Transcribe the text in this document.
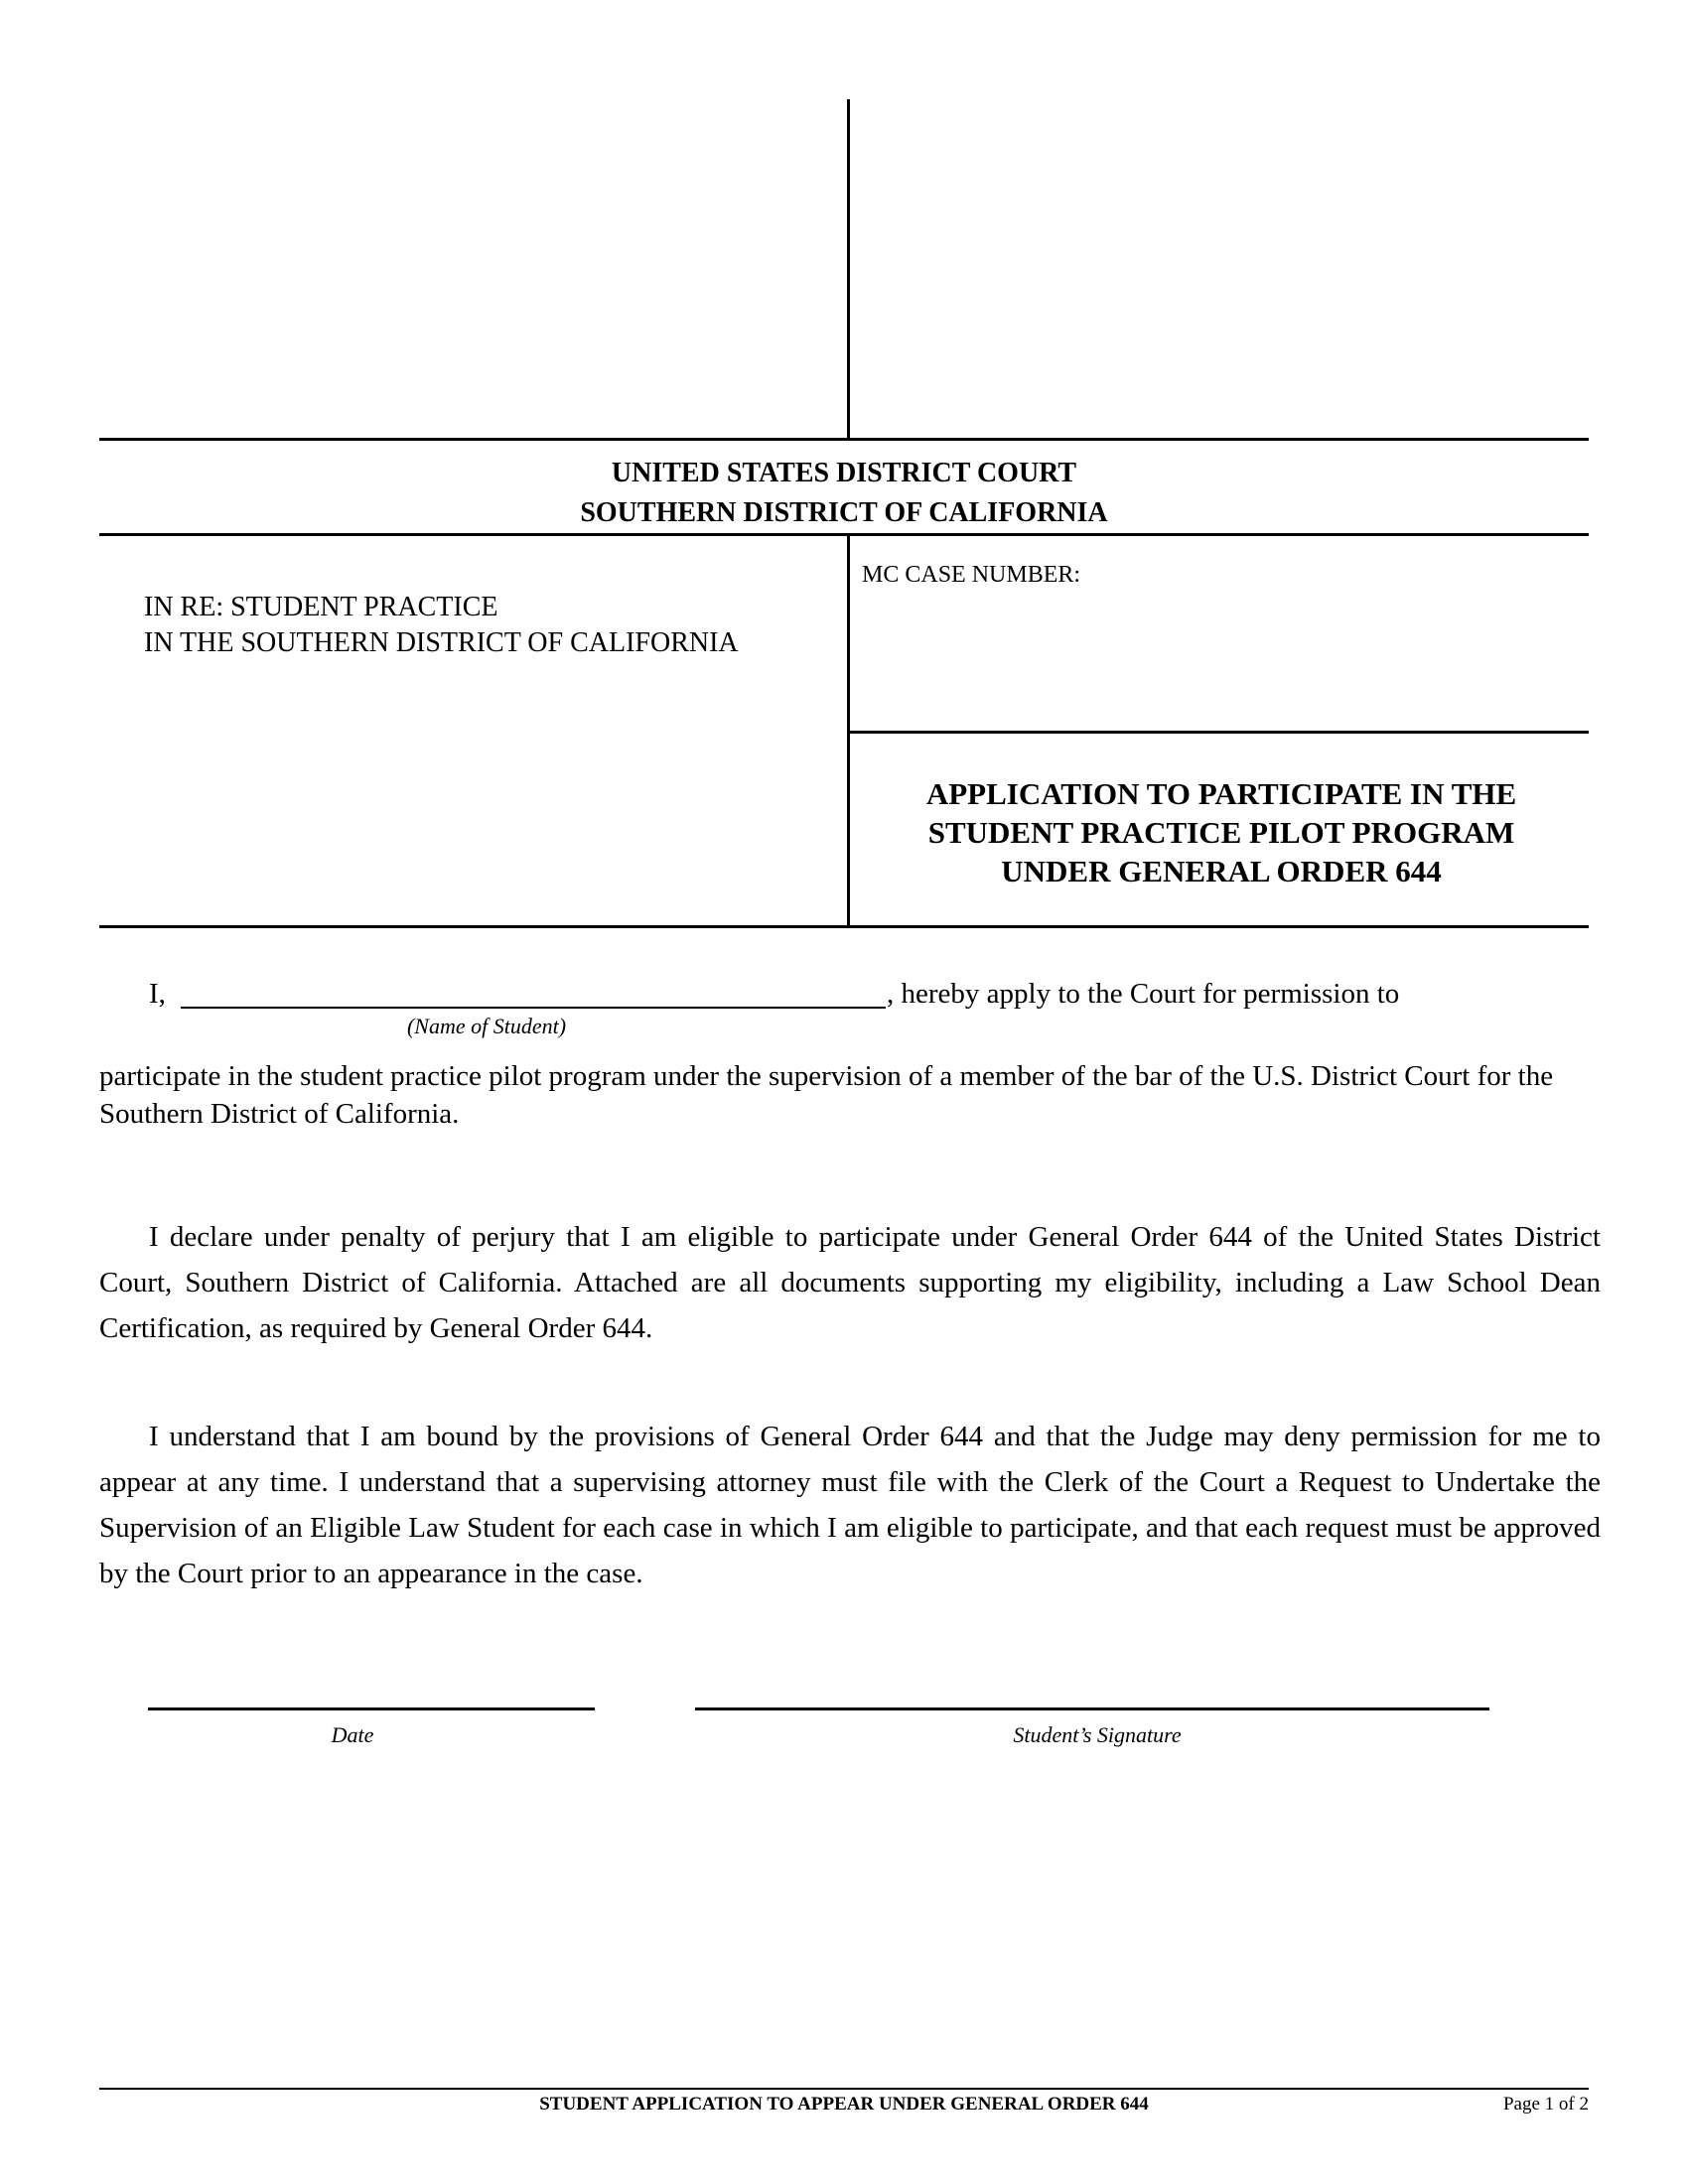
UNITED STATES DISTRICT COURT
SOUTHERN DISTRICT OF CALIFORNIA
IN RE: STUDENT PRACTICE
IN THE SOUTHERN DISTRICT OF CALIFORNIA
MC CASE NUMBER:
APPLICATION TO PARTICIPATE IN THE
STUDENT PRACTICE PILOT PROGRAM
UNDER GENERAL ORDER 644
I,	, hereby apply to the Court for permission to
(Name of Student)

participate in the student practice pilot program under the supervision of a member of the bar of the U.S. District Court for the Southern District of California.

I declare under penalty of perjury that I am eligible to participate under General Order 644 of the United States District Court, Southern District of California. Attached are all documents supporting my eligibility, including a Law School Dean Certification, as required by General Order 644.

I understand that I am bound by the provisions of General Order 644 and that the Judge may deny permission for me to appear at any time. I understand that a supervising attorney must file with the Clerk of the Court a Request to Undertake the Supervision of an Eligible Law Student for each case in which I am eligible to participate, and that each request must be approved by the Court prior to an appearance in the case.

Date	Student’s Signature
STUDENT APPLICATION TO APPEAR UNDER GENERAL ORDER 644	Page 1 of 2
